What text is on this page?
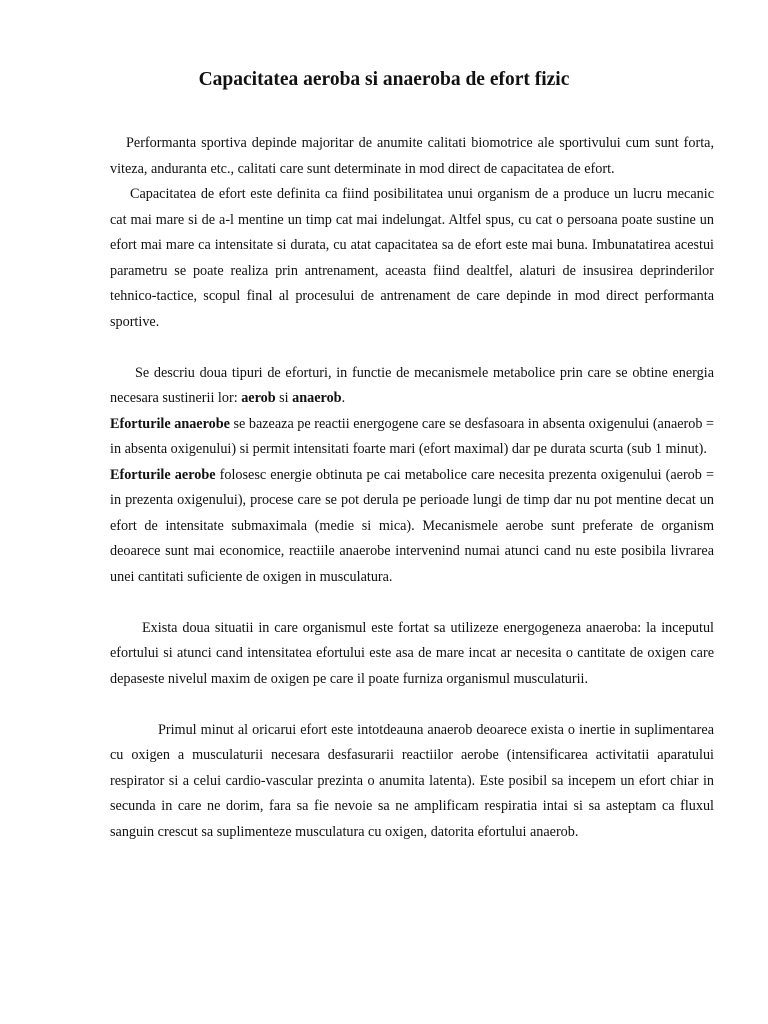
Capacitatea aeroba si anaeroba de efort fizic

Performanta sportiva depinde majoritar de anumite calitati biomotrice ale sportivului cum sunt forta, viteza, anduranta etc., calitati care sunt determinate in mod direct de capacitatea de efort.

Capacitatea de efort este definita ca fiind posibilitatea unui organism de a produce un lucru mecanic cat mai mare si de a-l mentine un timp cat mai indelungat. Altfel spus, cu cat o persoana poate sustine un efort mai mare ca intensitate si durata, cu atat capacitatea sa de efort este mai buna. Imbunatatirea acestui parametru se poate realiza prin antrenament, aceasta fiind dealtfel, alaturi de insusirea deprinderilor tehnico-tactice, scopul final al procesului de antrenament de care depinde in mod direct performanta sportive.

Se descriu doua tipuri de eforturi, in functie de mecanismele metabolice prin care se obtine energia necesara sustinerii lor: aerob si anaerob.

Eforturile anaerobe se bazeaza pe reactii energogene care se desfasoara in absenta oxigenului (anaerob = in absenta oxigenului) si permit intensitati foarte mari (efort maximal) dar pe durata scurta (sub 1 minut).

Eforturile aerobe folosesc energie obtinuta pe cai metabolice care necesita prezenta oxigenului (aerob = in prezenta oxigenului), procese care se pot derula pe perioade lungi de timp dar nu pot mentine decat un efort de intensitate submaximala (medie si mica). Mecanismele aerobe sunt preferate de organism deoarece sunt mai economice, reactiile anaerobe intervenind numai atunci cand nu este posibila livrarea unei cantitati suficiente de oxigen in musculatura.

Exista doua situatii in care organismul este fortat sa utilizeze energogeneza anaeroba: la inceputul efortului si atunci cand intensitatea efortului este asa de mare incat ar necesita o cantitate de oxigen care depaseste nivelul maxim de oxigen pe care il poate furniza organismul musculaturii.

Primul minut al oricarui efort este intotdeauna anaerob deoarece exista o inertie in suplimentarea cu oxigen a musculaturii necesara desfasurarii reactiilor aerobe (intensificarea activitatii aparatului respirator si a celui cardio-vascular prezinta o anumita latenta). Este posibil sa incepem un efort chiar in secunda in care ne dorim, fara sa fie nevoie sa ne amplificam respiratia intai si sa asteptam ca fluxul sanguin crescut sa suplimenteze musculatura cu oxigen, datorita efortului anaerob.
